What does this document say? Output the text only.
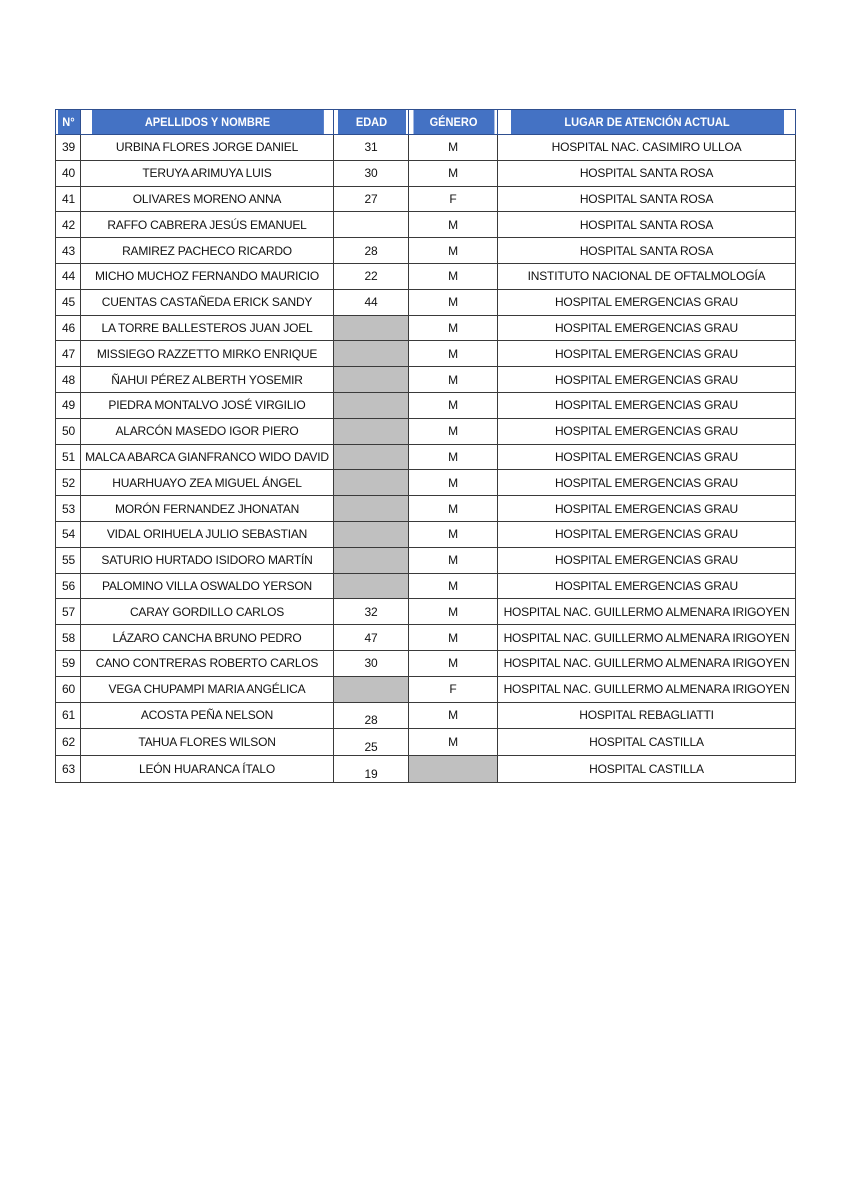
N°	APELLIDOS Y NOMBRE	EDAD	GÉNERO	LUGAR DE ATENCIÓN ACTUAL
39	URBINA FLORES JORGE DANIEL	31	M	HOSPITAL NAC. CASIMIRO ULLOA
40	TERUYA ARIMUYA LUIS	30	M	HOSPITAL SANTA ROSA
41	OLIVARES MORENO ANNA	27	F	HOSPITAL SANTA ROSA
42	RAFFO CABRERA JESÚS EMANUEL		M	HOSPITAL SANTA ROSA
43	RAMIREZ PACHECO RICARDO	28	M	HOSPITAL SANTA ROSA
44	MICHO MUCHOZ FERNANDO MAURICIO	22	M	INSTITUTO NACIONAL DE OFTALMOLOGÍA
45	CUENTAS CASTAÑEDA ERICK SANDY	44	M	HOSPITAL EMERGENCIAS GRAU
46	LA TORRE BALLESTEROS JUAN JOEL		M	HOSPITAL EMERGENCIAS GRAU
47	MISSIEGO RAZZETTO MIRKO ENRIQUE		M	HOSPITAL EMERGENCIAS GRAU
48	ÑAHUI PÉREZ ALBERTH YOSEMIR		M	HOSPITAL EMERGENCIAS GRAU
49	PIEDRA MONTALVO JOSÉ VIRGILIO		M	HOSPITAL EMERGENCIAS GRAU
50	ALARCÓN MASEDO IGOR PIERO		M	HOSPITAL EMERGENCIAS GRAU
51	MALCA ABARCA GIANFRANCO WIDO DAVID		M	HOSPITAL EMERGENCIAS GRAU
52	HUARHUAYO ZEA MIGUEL ÁNGEL		M	HOSPITAL EMERGENCIAS GRAU
53	MORÓN FERNANDEZ JHONATAN		M	HOSPITAL EMERGENCIAS GRAU
54	VIDAL ORIHUELA JULIO SEBASTIAN		M	HOSPITAL EMERGENCIAS GRAU
55	SATURIO HURTADO ISIDORO MARTÍN		M	HOSPITAL EMERGENCIAS GRAU
56	PALOMINO VILLA OSWALDO YERSON		M	HOSPITAL EMERGENCIAS GRAU
57	CARAY GORDILLO CARLOS	32	M	HOSPITAL NAC. GUILLERMO ALMENARA IRIGOYEN
58	LÁZARO CANCHA BRUNO PEDRO	47	M	HOSPITAL NAC. GUILLERMO ALMENARA IRIGOYEN
59	CANO CONTRERAS ROBERTO CARLOS	30	M	HOSPITAL NAC. GUILLERMO ALMENARA IRIGOYEN
60	VEGA CHUPAMPI MARIA ANGÉLICA		F	HOSPITAL NAC. GUILLERMO ALMENARA IRIGOYEN
61	ACOSTA PEÑA NELSON	28	M	HOSPITAL REBAGLIATTI
62	TAHUA FLORES WILSON	25	M	HOSPITAL CASTILLA
63	LEÓN HUARANCA ÍTALO	19		HOSPITAL CASTILLA
